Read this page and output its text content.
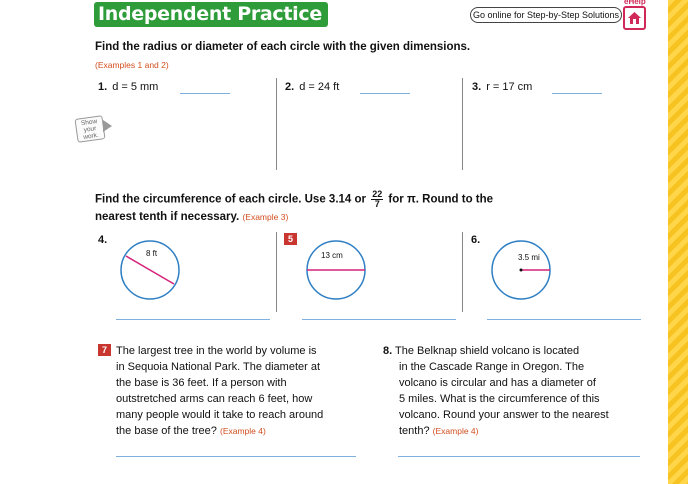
Independent Practice	Go online for Step-by-Step Solutions
eHelp
Find the radius or diameter of each circle with the given dimensions.
(Examples 1 and 2)
1. d = 5 mm	2. d = 24 ft	3. r = 17 cm
Show your work.
Find the circumference of each circle. Use 3.14 or $\frac{22}{7}$ for π. Round to the
nearest tenth if necessary. (Example 3)
4.	5	6.
8 ft	13 cm	3.5 mi
7 The largest tree in the world by volume is
in Sequoia National Park. The diameter at
the base is 36 feet. If a person with
outstretched arms can reach 6 feet, how
many people would it take to reach around
the base of the tree? (Example 4)
8. The Belknap shield volcano is located
in the Cascade Range in Oregon. The
volcano is circular and has a diameter of
5 miles. What is the circumference of this
volcano. Round your answer to the nearest
tenth? (Example 4)
